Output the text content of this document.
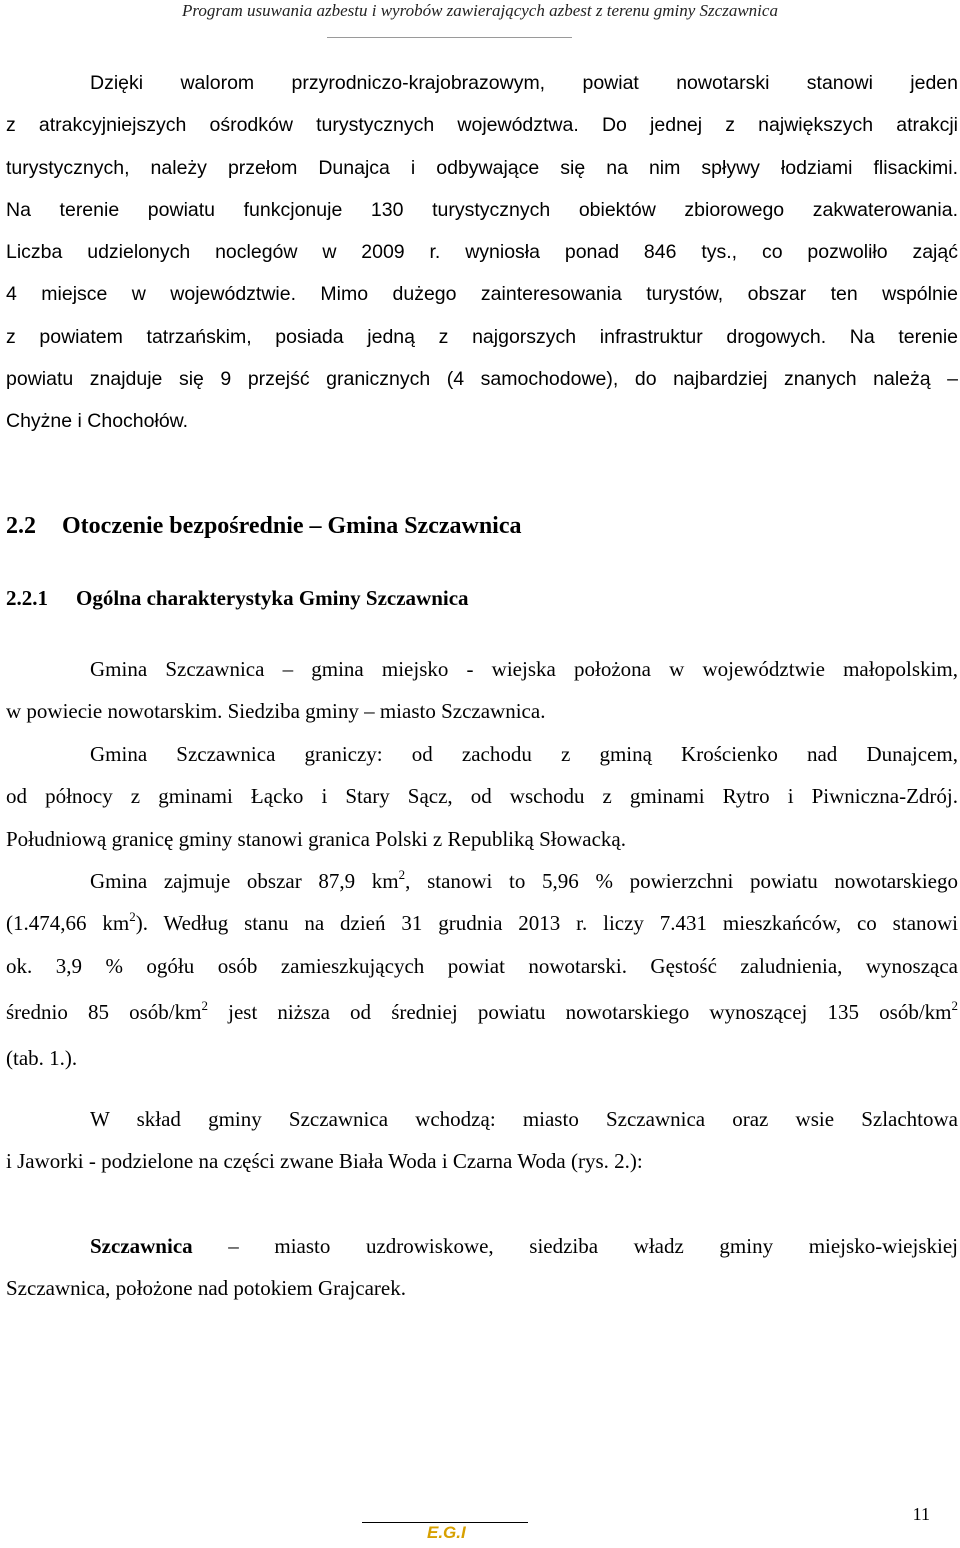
Program usuwania azbestu i wyrobów zawierających azbest z terenu gminy Szczawnica
Dzięki walorom przyrodniczo-krajobrazowym, powiat nowotarski stanowi jeden
z atrakcyjniejszych ośrodków turystycznych województwa. Do jednej z największych atrakcji
turystycznych, należy przełom Dunajca i odbywające się na nim spływy łodziami flisackimi.
Na terenie powiatu funkcjonuje 130 turystycznych obiektów zbiorowego zakwaterowania.
Liczba udzielonych noclegów w 2009 r. wyniosła ponad 846 tys., co pozwoliło zająć
4 miejsce w województwie. Mimo dużego zainteresowania turystów, obszar ten wspólnie
z powiatem tatrzańskim, posiada jedną z najgorszych infrastruktur drogowych. Na terenie
powiatu znajduje się 9 przejść granicznych (4 samochodowe), do najbardziej znanych należą –
Chyżne i Chochołów.
2.2 Otoczenie bezpośrednie – Gmina Szczawnica
2.2.1 Ogólna charakterystyka Gminy Szczawnica
Gmina Szczawnica – gmina miejsko - wiejska położona w województwie małopolskim,
w powiecie nowotarskim. Siedziba gminy – miasto Szczawnica.
Gmina Szczawnica graniczy: od zachodu z gminą Krościenko nad Dunajcem,
od północy z gminami Łącko i Stary Sącz, od wschodu z gminami Rytro i Piwniczna-Zdrój.
Południową granicę gminy stanowi granica Polski z Republiką Słowacką.
Gmina zajmuje obszar 87,9 $km^2$, stanowi to 5,96 % powierzchni powiatu nowotarskiego
(1.474,66 $km^2$). Według stanu na dzień 31 grudnia 2013 r. liczy 7.431 mieszkańców, co stanowi
ok. 3,9 % ogółu osób zamieszkujących powiat nowotarski. Gęstość zaludnienia, wynosząca
średnio 85 osób/$km^2$ jest niższa od średniej powiatu nowotarskiego wynoszącej 135 osób/$km^2$
(tab. 1.).
W skład gminy Szczawnica wchodzą: miasto Szczawnica oraz wsie Szlachtowa
i Jaworki - podzielone na części zwane Biała Woda i Czarna Woda (rys. 2.):
Szczawnica – miasto uzdrowiskowe, siedziba władz gminy miejsko-wiejskiej
Szczawnica, położone nad potokiem Grajcarek.
E.G.I
11
